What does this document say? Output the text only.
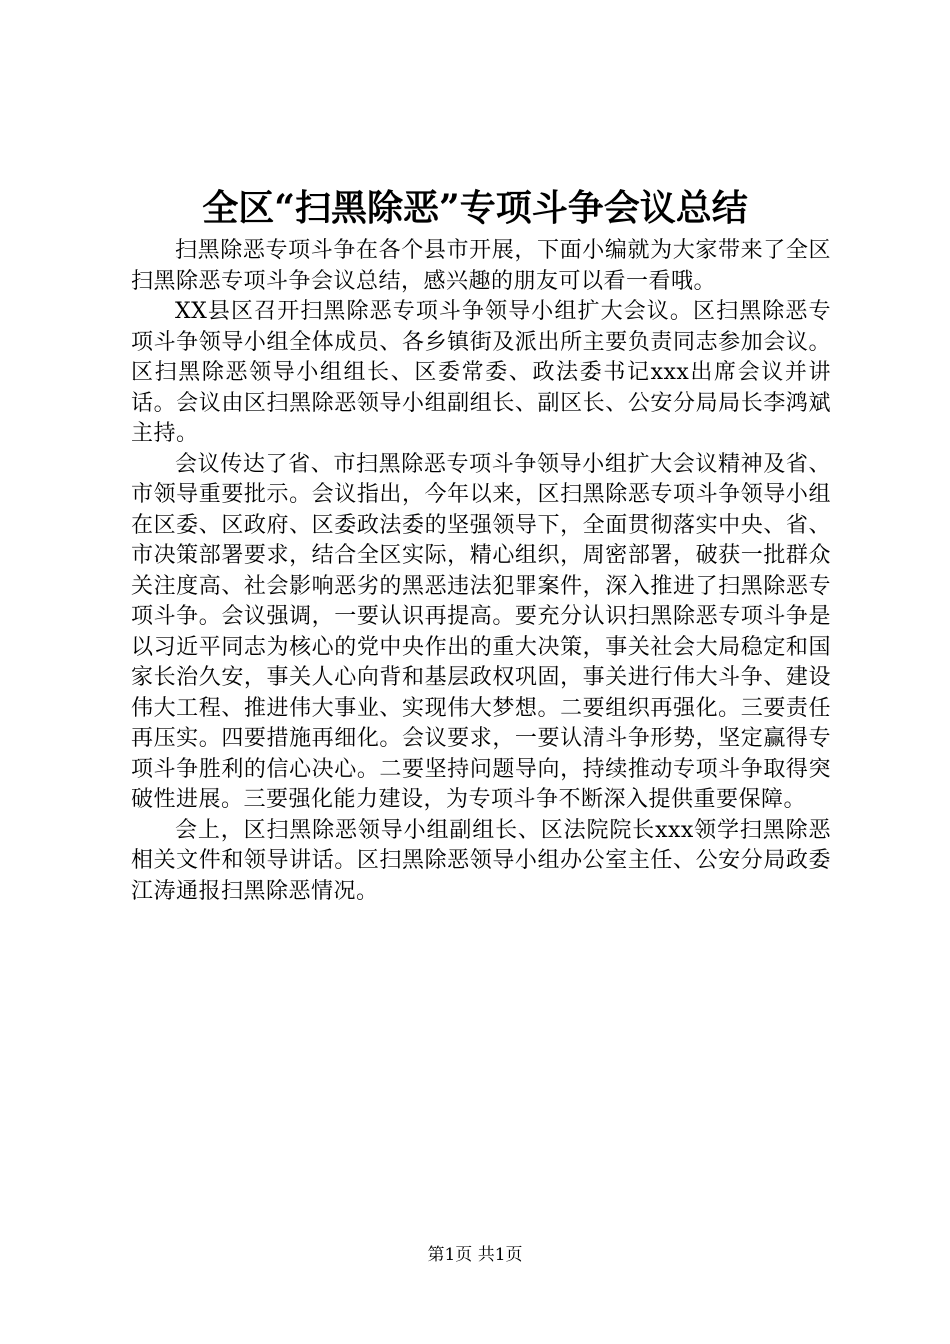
全区“扫黑除恶”专项斗争会议总结

扫黑除恶专项斗争在各个县市开展，下面小编就为大家带来了全区扫黑除恶专项斗争会议总结，感兴趣的朋友可以看一看哦。

XX县区召开扫黑除恶专项斗争领导小组扩大会议。区扫黑除恶专项斗争领导小组全体成员、各乡镇街及派出所主要负责同志参加会议。区扫黑除恶领导小组组长、区委常委、政法委书记xxx出席会议并讲话。会议由区扫黑除恶领导小组副组长、副区长、公安分局局长李鸿斌主持。

会议传达了省、市扫黑除恶专项斗争领导小组扩大会议精神及省、市领导重要批示。会议指出，今年以来，区扫黑除恶专项斗争领导小组在区委、区政府、区委政法委的坚强领导下，全面贯彻落实中央、省、市决策部署要求，结合全区实际，精心组织，周密部署，破获一批群众关注度高、社会影响恶劣的黑恶违法犯罪案件，深入推进了扫黑除恶专项斗争。会议强调，一要认识再提高。要充分认识扫黑除恶专项斗争是以习近平同志为核心的党中央作出的重大决策，事关社会大局稳定和国家长治久安，事关人心向背和基层政权巩固，事关进行伟大斗争、建设伟大工程、推进伟大事业、实现伟大梦想。二要组织再强化。三要责任再压实。四要措施再细化。会议要求，一要认清斗争形势，坚定赢得专项斗争胜利的信心决心。二要坚持问题导向，持续推动专项斗争取得突破性进展。三要强化能力建设，为专项斗争不断深入提供重要保障。

会上，区扫黑除恶领导小组副组长、区法院院长xxx领学扫黑除恶相关文件和领导讲话。区扫黑除恶领导小组办公室主任、公安分局政委江涛通报扫黑除恶情况。

第1页 共1页
